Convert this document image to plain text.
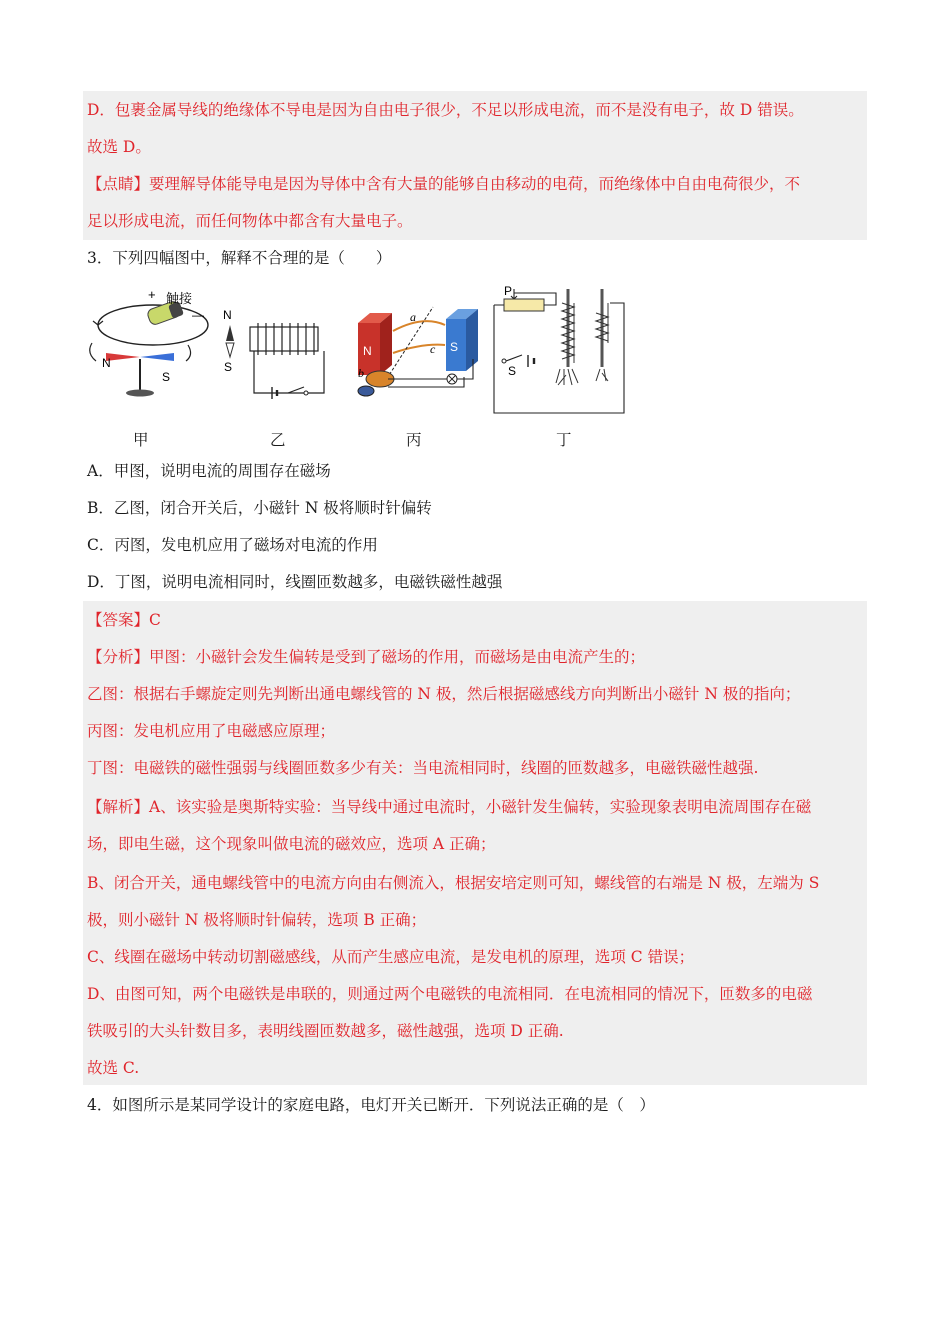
D．包裹金属导线的绝缘体不导电是因为自由电子很少，不足以形成电流，而不是没有电子，故 D 错误。
故选 D。
【点睛】要理解导体能导电是因为导体中含有大量的能够自由移动的电荷，而绝缘体中自由电荷很少，不
足以形成电流，而任何物体中都含有大量电子。
3．下列四幅图中，解释不合理的是（　　）
+ 触接
—
N
S
N
S
N	S
a
c
b
P
S
甲	乙	丙	丁
A．甲图，说明电流的周围存在磁场
B．乙图，闭合开关后，小磁针 N 极将顺时针偏转
C．丙图，发电机应用了磁场对电流的作用
D．丁图，说明电流相同时，线圈匝数越多，电磁铁磁性越强
【答案】C
【分析】甲图：小磁针会发生偏转是受到了磁场的作用，而磁场是由电流产生的；
乙图：根据右手螺旋定则先判断出通电螺线管的 N 极，然后根据磁感线方向判断出小磁针 N 极的指向；
丙图：发电机应用了电磁感应原理；
丁图：电磁铁的磁性强弱与线圈匝数多少有关：当电流相同时，线圈的匝数越多，电磁铁磁性越强.
【解析】A、该实验是奥斯特实验：当导线中通过电流时，小磁针发生偏转，实验现象表明电流周围存在磁
场，即电生磁，这个现象叫做电流的磁效应，选项 A 正确；
B、闭合开关，通电螺线管中的电流方向由右侧流入，根据安培定则可知，螺线管的右端是 N 极，左端为 S
极，则小磁针 N 极将顺时针偏转，选项 B 正确；
C、线圈在磁场中转动切割磁感线，从而产生感应电流，是发电机的原理，选项 C 错误；
D、由图可知，两个电磁铁是串联的，则通过两个电磁铁的电流相同．在电流相同的情况下，匝数多的电磁
铁吸引的大头针数目多，表明线圈匝数越多，磁性越强，选项 D 正确.
故选 C.
4．如图所示是某同学设计的家庭电路，电灯开关已断开．下列说法正确的是（　）
